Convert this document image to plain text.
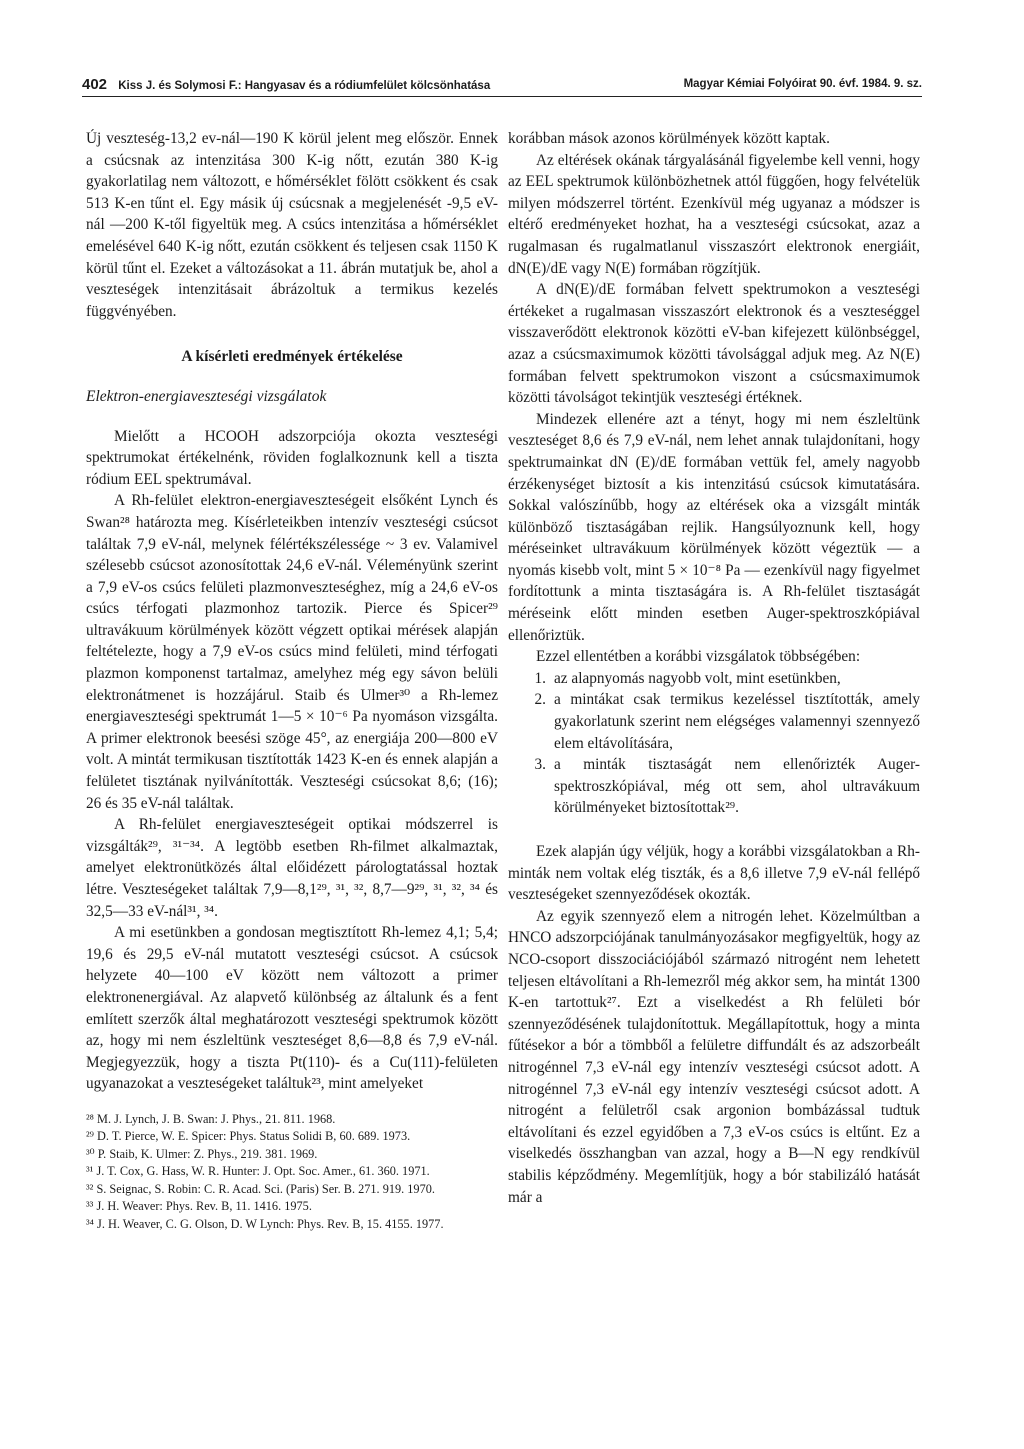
402 Kiss J. és Solymosi F.: Hangyasav és a ródiumfelület kölcsönhatása	Magyar Kémiai Folyóirat 90. évf. 1984. 9. sz.

Új veszteség-13,2 ev-nál—190 K körül jelent meg először. Ennek a csúcsnak az intenzitása 300 K-ig nőtt, ezután 380 K-ig gyakorlatilag nem változott, e hőmérséklet fölött csökkent és csak 513 K-en tűnt el. Egy másik új csúcsnak a megjelenését -9,5 eV-nál —200 K-től figyeltük meg. A csúcs intenzitása a hőmérséklet emelésével 640 K-ig nőtt, ezután csökkent és teljesen csak 1150 K körül tűnt el. Ezeket a változásokat a 11. ábrán mutatjuk be, ahol a veszteségek intenzitásait ábrázoltuk a termikus kezelés függvényében.

A kísérleti eredmények értékelése
Elektron-energiaveszteségi vizsgálatok

Mielőtt a HCOOH adszorpciója okozta veszteségi spektrumokat értékelnénk, röviden foglalkoznunk kell a tiszta ródium EEL spektrumával.

A Rh-felület elektron-energiaveszteségeit elsőként Lynch és Swan²⁸ határozta meg. Kísérleteikben intenzív veszteségi csúcsot találtak 7,9 eV-nál, melynek félértékszélessége ~ 3 ev. Valamivel szélesebb csúcsot azonosítottak 24,6 eV-nál. Véleményünk szerint a 7,9 eV-os csúcs felületi plazmonveszteséghez, míg a 24,6 eV-os csúcs térfogati plazmonhoz tartozik. Pierce és Spicer²⁹ ultravákuum körülmények között végzett optikai mérések alapján feltételezte, hogy a 7,9 eV-os csúcs mind felületi, mind térfogati plazmon komponenst tartalmaz, amelyhez még egy sávon belüli elektronátmenet is hozzájárul. Staib és Ulmer³⁰ a Rh-lemez energiaveszteségi spektrumát 1—5 × 10⁻⁶ Pa nyomáson vizsgálta. A primer elektronok beesési szöge 45°, az energiája 200—800 eV volt. A mintát termikusan tisztították 1423 K-en és ennek alapján a felületet tisztának nyilvánították. Veszteségi csúcsokat 8,6; (16); 26 és 35 eV-nál találtak.

A Rh-felület energiaveszteségeit optikai módszerrel is vizsgálták²⁹, ³¹⁻³⁴. A legtöbb esetben Rh-filmet alkalmaztak, amelyet elektronütközés által előidézett párologtatással hoztak létre. Veszteségeket találtak 7,9—8,1²⁹, ³¹, ³², 8,7—9²⁹, ³¹, ³², ³⁴ és 32,5—33 eV-nál³¹, ³⁴.

A mi esetünkben a gondosan megtisztított Rh-lemez 4,1; 5,4; 19,6 és 29,5 eV-nál mutatott veszteségi csúcsot. A csúcsok helyzete 40—100 eV között nem változott a primer elektronenergiával. Az alapvető különbség az általunk és a fent említett szerzők által meghatározott veszteségi spektrumok között az, hogy mi nem észleltünk veszteséget 8,6—8,8 és 7,9 eV-nál. Megjegyezzük, hogy a tiszta Pt(110)- és a Cu(111)-felületen ugyanazokat a veszteségeket találtuk²³, mint amelyeket

²⁸ M. J. Lynch, J. B. Swan: J. Phys., 21. 811. 1968.
²⁹ D. T. Pierce, W. E. Spicer: Phys. Status Solidi B, 60. 689. 1973.
³⁰ P. Staib, K. Ulmer: Z. Phys., 219. 381. 1969.
³¹ J. T. Cox, G. Hass, W. R. Hunter: J. Opt. Soc. Amer., 61. 360. 1971.
³² S. Seignac, S. Robin: C. R. Acad. Sci. (Paris) Ser. B. 271. 919. 1970.
³³ J. H. Weaver: Phys. Rev. B, 11. 1416. 1975.
³⁴ J. H. Weaver, C. G. Olson, D. W Lynch: Phys. Rev. B, 15. 4155. 1977.

korábban mások azonos körülmények között kaptak.

Az eltérések okának tárgyalásánál figyelembe kell venni, hogy az EEL spektrumok különbözhetnek attól függően, hogy felvételük milyen módszerrel történt. Ezenkívül még ugyanaz a módszer is eltérő eredményeket hozhat, ha a veszteségi csúcsokat, azaz a rugalmasan és rugalmatlanul visszaszórt elektronok energiáit, dN(E)/dE vagy N(E) formában rögzítjük.

A dN(E)/dE formában felvett spektrumokon a veszteségi értékeket a rugalmasan visszaszórt elektronok és a veszteséggel visszaverődött elektronok közötti eV-ban kifejezett különbséggel, azaz a csúcsmaximumok közötti távolsággal adjuk meg. Az N(E) formában felvett spektrumokon viszont a csúcsmaximumok közötti távolságot tekintjük veszteségi értéknek.

Mindezek ellenére azt a tényt, hogy mi nem észleltünk veszteséget 8,6 és 7,9 eV-nál, nem lehet annak tulajdonítani, hogy spektrumainkat dN (E)/dE formában vettük fel, amely nagyobb érzékenységet biztosít a kis intenzitású csúcsok kimutatására. Sokkal valószínűbb, hogy az eltérések oka a vizsgált minták különböző tisztaságában rejlik. Hangsúlyoznunk kell, hogy méréseinket ultravákuum körülmények között végeztük — a nyomás kisebb volt, mint 5 × 10⁻⁸ Pa — ezenkívül nagy figyelmet fordítottunk a minta tisztaságára is. A Rh-felület tisztaságát méréseink előtt minden esetben Auger-spektroszkópiával ellenőriztük.

Ezzel ellentétben a korábbi vizsgálatok többségében:

1. az alapnyomás nagyobb volt, mint esetünkben,
2. a mintákat csak termikus kezeléssel tisztították, amely gyakorlatunk szerint nem elégséges valamennyi szennyező elem eltávolítására,
3. a minták tisztaságát nem ellenőrizték Auger-spektroszkópiával, még ott sem, ahol ultravákuum körülményeket biztosítottak²⁹.

Ezek alapján úgy véljük, hogy a korábbi vizsgálatokban a Rh-minták nem voltak elég tiszták, és a 8,6 illetve 7,9 eV-nál fellépő veszteségeket szennyeződések okozták.

Az egyik szennyező elem a nitrogén lehet. Közelmúltban a HNCO adszorpciójának tanulmányozásakor megfigyeltük, hogy az NCO-csoport disszociációjából származó nitrogént nem lehetett teljesen eltávolítani a Rh-lemezről még akkor sem, ha mintát 1300 K-en tartottuk²⁷. Ezt a viselkedést a Rh felületi bór szennyeződésének tulajdonítottuk. Megállapítottuk, hogy a minta fűtésekor a bór a tömbből a felületre diffundált és az adszorbeált nitrogénnel 7,3 eV-nál egy intenzív veszteségi csúcsot adott. A nitrogénnel 7,3 eV-nál egy intenzív veszteségi csúcsot adott. A nitrogént a felületről csak argonion bombázással tudtuk eltávolítani és ezzel egyidőben a 7,3 eV-os csúcs is eltűnt. Ez a viselkedés összhangban van azzal, hogy a B—N egy rendkívül stabilis képződmény. Megemlítjük, hogy a bór stabilizáló hatását már a
